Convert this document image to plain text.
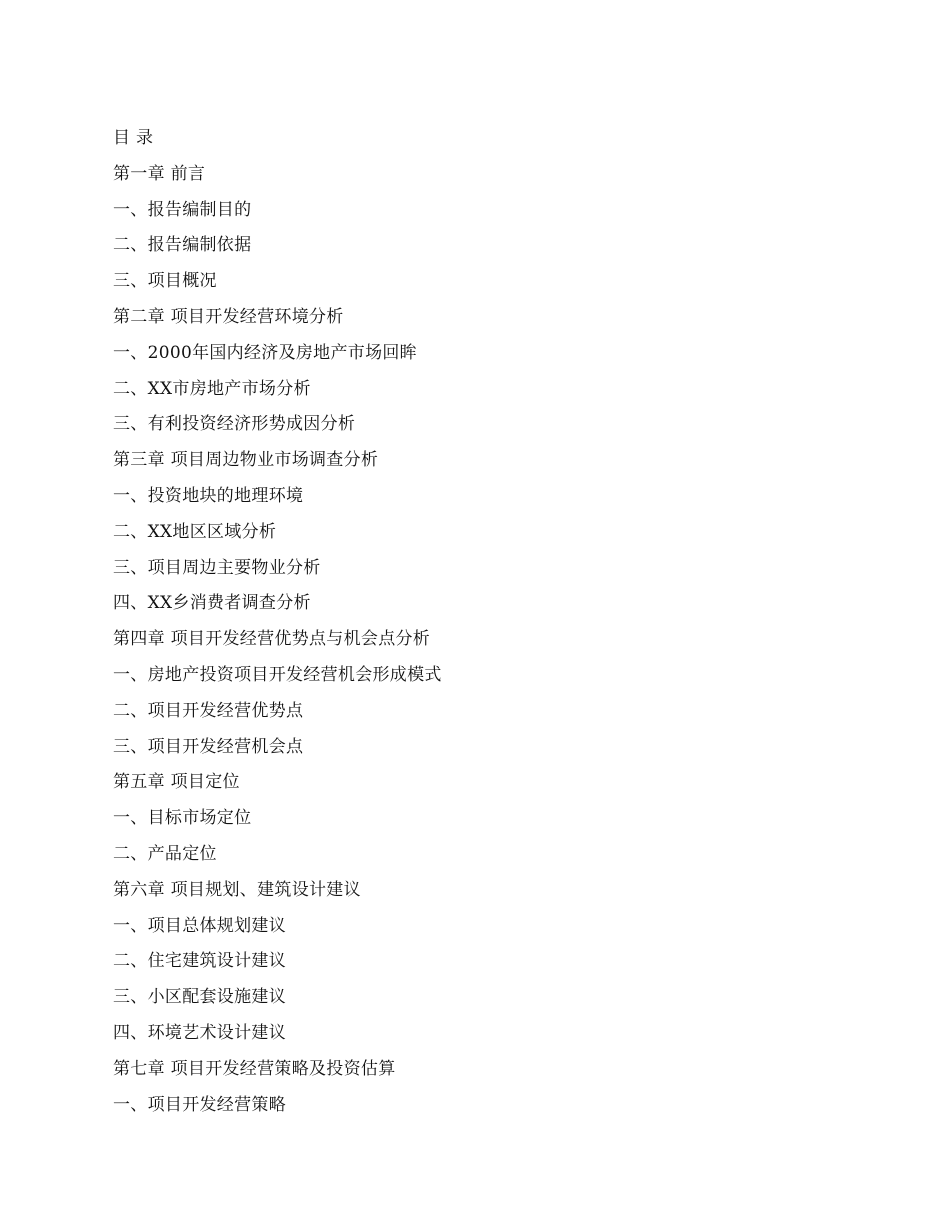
目 录
第一章 前言
一、报告编制目的
二、报告编制依据
三、项目概况
第二章 项目开发经营环境分析
一、2000年国内经济及房地产市场回眸
二、XX市房地产市场分析
三、有利投资经济形势成因分析
第三章 项目周边物业市场调查分析
一、投资地块的地理环境
二、XX地区区域分析
三、项目周边主要物业分析
四、XX乡消费者调查分析
第四章 项目开发经营优势点与机会点分析
一、房地产投资项目开发经营机会形成模式
二、项目开发经营优势点
三、项目开发经营机会点
第五章 项目定位
一、目标市场定位
二、产品定位
第六章 项目规划、建筑设计建议
一、项目总体规划建议
二、住宅建筑设计建议
三、小区配套设施建议
四、环境艺术设计建议
第七章 项目开发经营策略及投资估算
一、项目开发经营策略
